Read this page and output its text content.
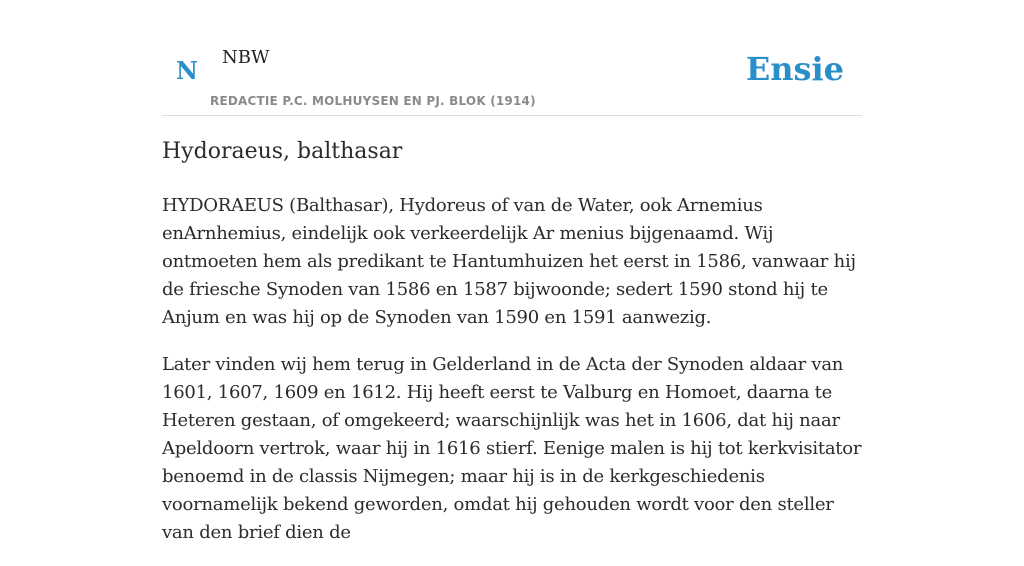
N NBW
REDACTIE P.C. MOLHUYSEN EN PJ. BLOK (1914)
Ensie
Hydoraeus, balthasar

HYDORAEUS (Balthasar), Hydoreus of van de Water, ook Arnemius enArnhemius, eindelijk ook verkeerdelijk Ar menius bijgenaamd. Wij ontmoeten hem als predikant te Hantumhuizen het eerst in 1586, vanwaar hij de friesche Synoden van 1586 en 1587 bijwoonde; sedert 1590 stond hij te Anjum en was hij op de Synoden van 1590 en 1591 aanwezig.

Later vinden wij hem terug in Gelderland in de Acta der Synoden aldaar van 1601, 1607, 1609 en 1612. Hij heeft eerst te Valburg en Homoet, daarna te Heteren gestaan, of omgekeerd; waarschijnlijk was het in 1606, dat hij naar Apeldoorn vertrok, waar hij in 1616 stierf. Eenige malen is hij tot kerkvisitator benoemd in de classis Nijmegen; maar hij is in de kerkgeschiedenis voornamelijk bekend geworden, omdat hij gehouden wordt voor den steller van den brief dien de
